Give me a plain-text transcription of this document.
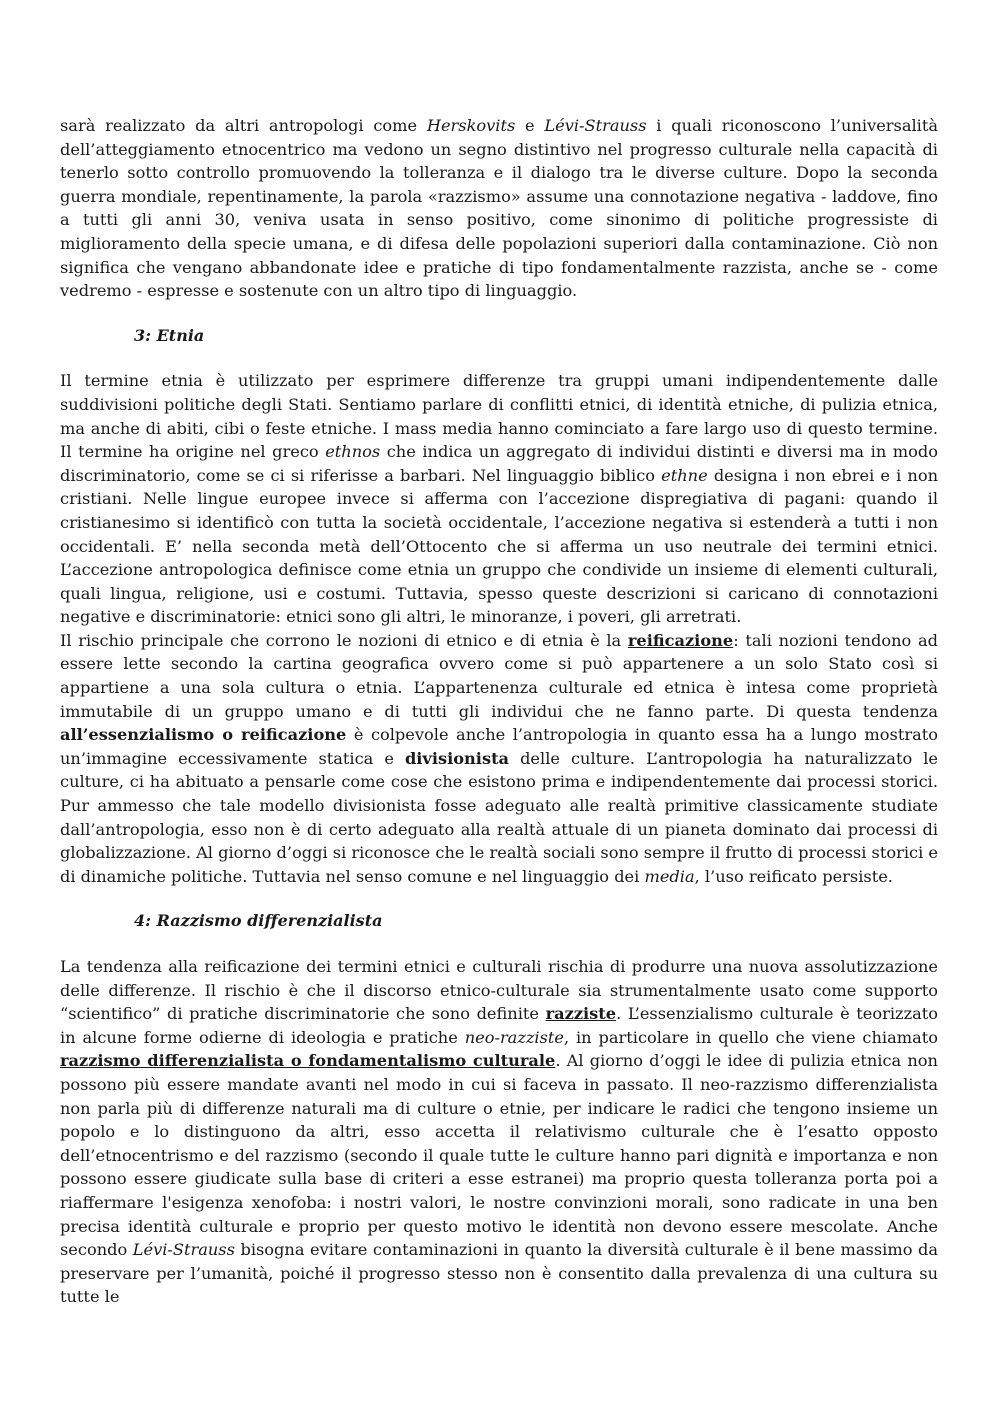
sarà realizzato da altri antropologi come Herskovits e Lévi-Strauss i quali riconoscono l’universalità dell’atteggiamento etnocentrico ma vedono un segno distintivo nel progresso culturale nella capacità di tenerlo sotto controllo promuovendo la tolleranza e il dialogo tra le diverse culture. Dopo la seconda guerra mondiale, repentinamente, la parola «razzismo» assume una connotazione negativa - laddove, fino a tutti gli anni 30, veniva usata in senso positivo, come sinonimo di politiche progressiste di miglioramento della specie umana, e di difesa delle popolazioni superiori dalla contaminazione. Ciò non significa che vengano abbandonate idee e pratiche di tipo fondamentalmente razzista, anche se - come vedremo - espresse e sostenute con un altro tipo di linguaggio.

3: Etnia

Il termine etnia è utilizzato per esprimere differenze tra gruppi umani indipendentemente dalle suddivisioni politiche degli Stati. Sentiamo parlare di conflitti etnici, di identità etniche, di pulizia etnica, ma anche di abiti, cibi o feste etniche. I mass media hanno cominciato a fare largo uso di questo termine. Il termine ha origine nel greco ethnos che indica un aggregato di individui distinti e diversi ma in modo discriminatorio, come se ci si riferisse a barbari. Nel linguaggio biblico ethne designa i non ebrei e i non cristiani. Nelle lingue europee invece si afferma con l’accezione dispregiativa di pagani: quando il cristianesimo si identificò con tutta la società occidentale, l’accezione negativa si estenderà a tutti i non occidentali. E’ nella seconda metà dell’Ottocento che si afferma un uso neutrale dei termini etnici. L’accezione antropologica definisce come etnia un gruppo che condivide un insieme di elementi culturali, quali lingua, religione, usi e costumi. Tuttavia, spesso queste descrizioni si caricano di connotazioni negative e discriminatorie: etnici sono gli altri, le minoranze, i poveri, gli arretrati.

Il rischio principale che corrono le nozioni di etnico e di etnia è la reificazione: tali nozioni tendono ad essere lette secondo la cartina geografica ovvero come si può appartenere a un solo Stato così si appartiene a una sola cultura o etnia. L’appartenenza culturale ed etnica è intesa come proprietà immutabile di un gruppo umano e di tutti gli individui che ne fanno parte. Di questa tendenza all’essenzialismo o reificazione è colpevole anche l’antropologia in quanto essa ha a lungo mostrato un’immagine eccessivamente statica e divisionista delle culture. L’antropologia ha naturalizzato le culture, ci ha abituato a pensarle come cose che esistono prima e indipendentemente dai processi storici. Pur ammesso che tale modello divisionista fosse adeguato alle realtà primitive classicamente studiate dall’antropologia, esso non è di certo adeguato alla realtà attuale di un pianeta dominato dai processi di globalizzazione. Al giorno d’oggi si riconosce che le realtà sociali sono sempre il frutto di processi storici e di dinamiche politiche. Tuttavia nel senso comune e nel linguaggio dei media, l’uso reificato persiste.

4: Razzismo differenzialista

La tendenza alla reificazione dei termini etnici e culturali rischia di produrre una nuova assolutizzazione delle differenze. Il rischio è che il discorso etnico-culturale sia strumentalmente usato come supporto “scientifico” di pratiche discriminatorie che sono definite razziste. L’essenzialismo culturale è teorizzato in alcune forme odierne di ideologia e pratiche neo-razziste, in particolare in quello che viene chiamato razzismo differenzialista o fondamentalismo culturale. Al giorno d’oggi le idee di pulizia etnica non possono più essere mandate avanti nel modo in cui si faceva in passato. Il neo-razzismo differenzialista non parla più di differenze naturali ma di culture o etnie, per indicare le radici che tengono insieme un popolo e lo distinguono da altri, esso accetta il relativismo culturale che è l’esatto opposto dell’etnocentrismo e del razzismo (secondo il quale tutte le culture hanno pari dignità e importanza e non possono essere giudicate sulla base di criteri a esse estranei) ma proprio questa tolleranza porta poi a riaffermare l'esigenza xenofoba: i nostri valori, le nostre convinzioni morali, sono radicate in una ben precisa identità culturale e proprio per questo motivo le identità non devono essere mescolate. Anche secondo Lévi-Strauss bisogna evitare contaminazioni in quanto la diversità culturale è il bene massimo da preservare per l’umanità, poiché il progresso stesso non è consentito dalla prevalenza di una cultura su tutte le
